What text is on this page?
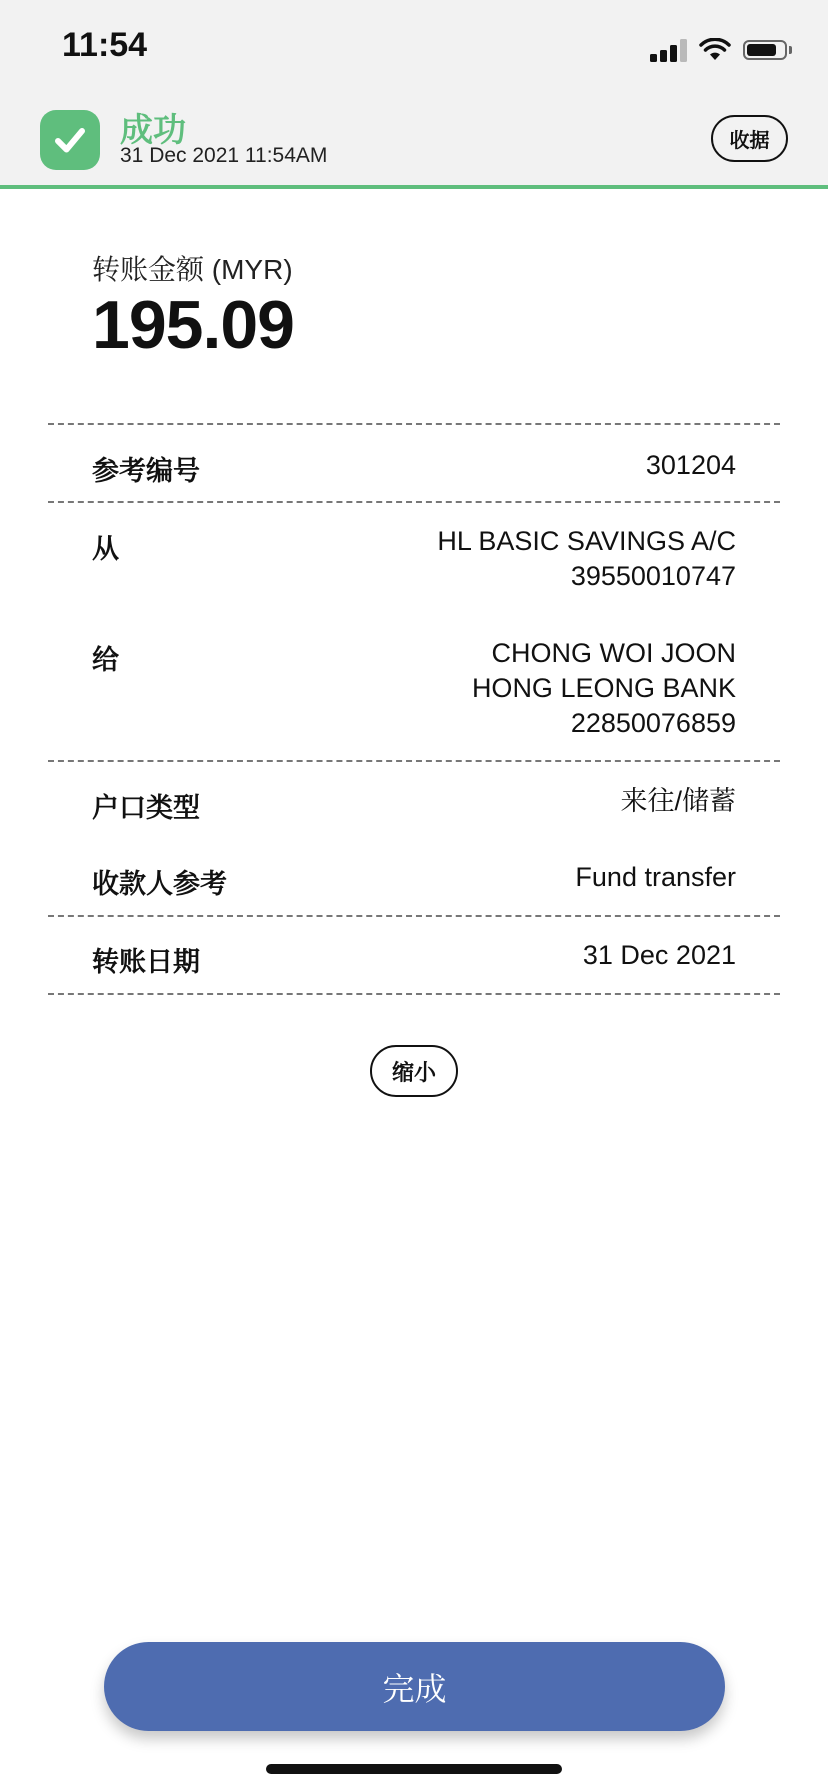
11:54
成功
31 Dec 2021 11:54AM
收据
转账金额 (MYR)
195.09
参考编号	301204
从	HL BASIC SAVINGS A/C
39550010747
给	CHONG WOI JOON
HONG LEONG BANK
22850076859
户口类型	来往/储蓄
收款人参考	Fund transfer
转账日期	31 Dec 2021
缩小
完成
